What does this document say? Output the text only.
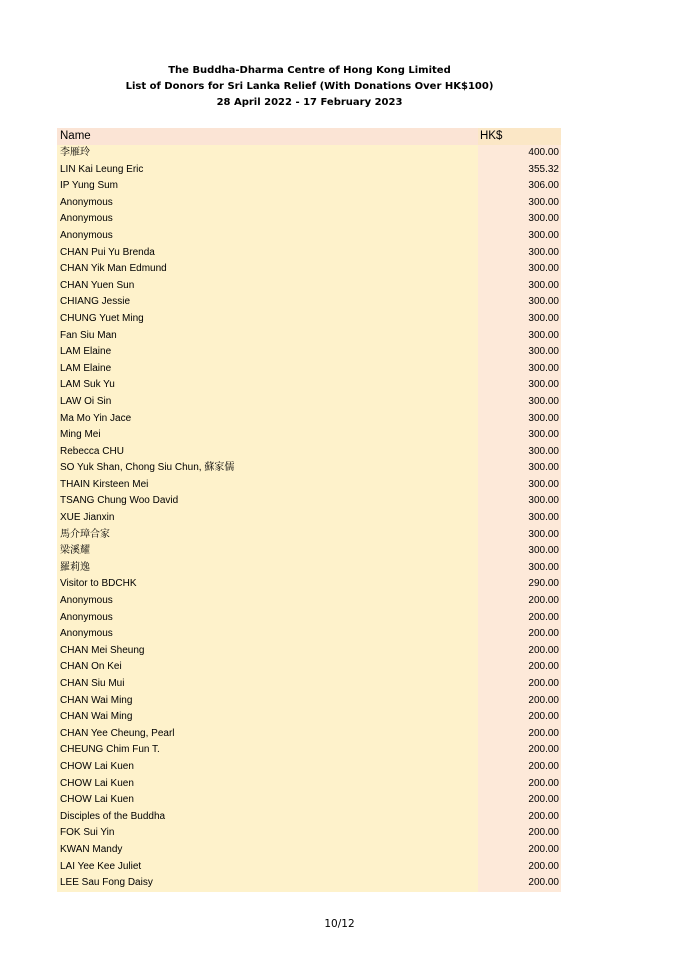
The Buddha-Dharma Centre of Hong Kong Limited
List of Donors for Sri Lanka Relief (With Donations Over HK$100)
28 April 2022 - 17 February 2023
Name	HK$
李雁玲	400.00
LIN Kai Leung Eric	355.32
IP Yung Sum	306.00
Anonymous	300.00
Anonymous	300.00
Anonymous	300.00
CHAN Pui Yu Brenda	300.00
CHAN Yik Man Edmund	300.00
CHAN Yuen Sun	300.00
CHIANG Jessie	300.00
CHUNG Yuet Ming	300.00
Fan Siu Man	300.00
LAM Elaine	300.00
LAM Elaine	300.00
LAM Suk Yu	300.00
LAW Oi Sin	300.00
Ma Mo Yin Jace	300.00
Ming Mei	300.00
Rebecca CHU	300.00
SO Yuk Shan, Chong Siu Chun, 蘇家儒	300.00
THAIN Kirsteen Mei	300.00
TSANG Chung Woo David	300.00
XUE Jianxin	300.00
馬介璋合家	300.00
梁溪耀	300.00
羅莉逸	300.00
Visitor to BDCHK	290.00
Anonymous	200.00
Anonymous	200.00
Anonymous	200.00
CHAN Mei Sheung	200.00
CHAN On Kei	200.00
CHAN Siu Mui	200.00
CHAN Wai Ming	200.00
CHAN Wai Ming	200.00
CHAN Yee Cheung, Pearl	200.00
CHEUNG Chim Fun T.	200.00
CHOW Lai Kuen	200.00
CHOW Lai Kuen	200.00
CHOW Lai Kuen	200.00
Disciples of the Buddha	200.00
FOK Sui Yin	200.00
KWAN Mandy	200.00
LAI Yee Kee Juliet	200.00
LEE Sau Fong Daisy	200.00
10/12
